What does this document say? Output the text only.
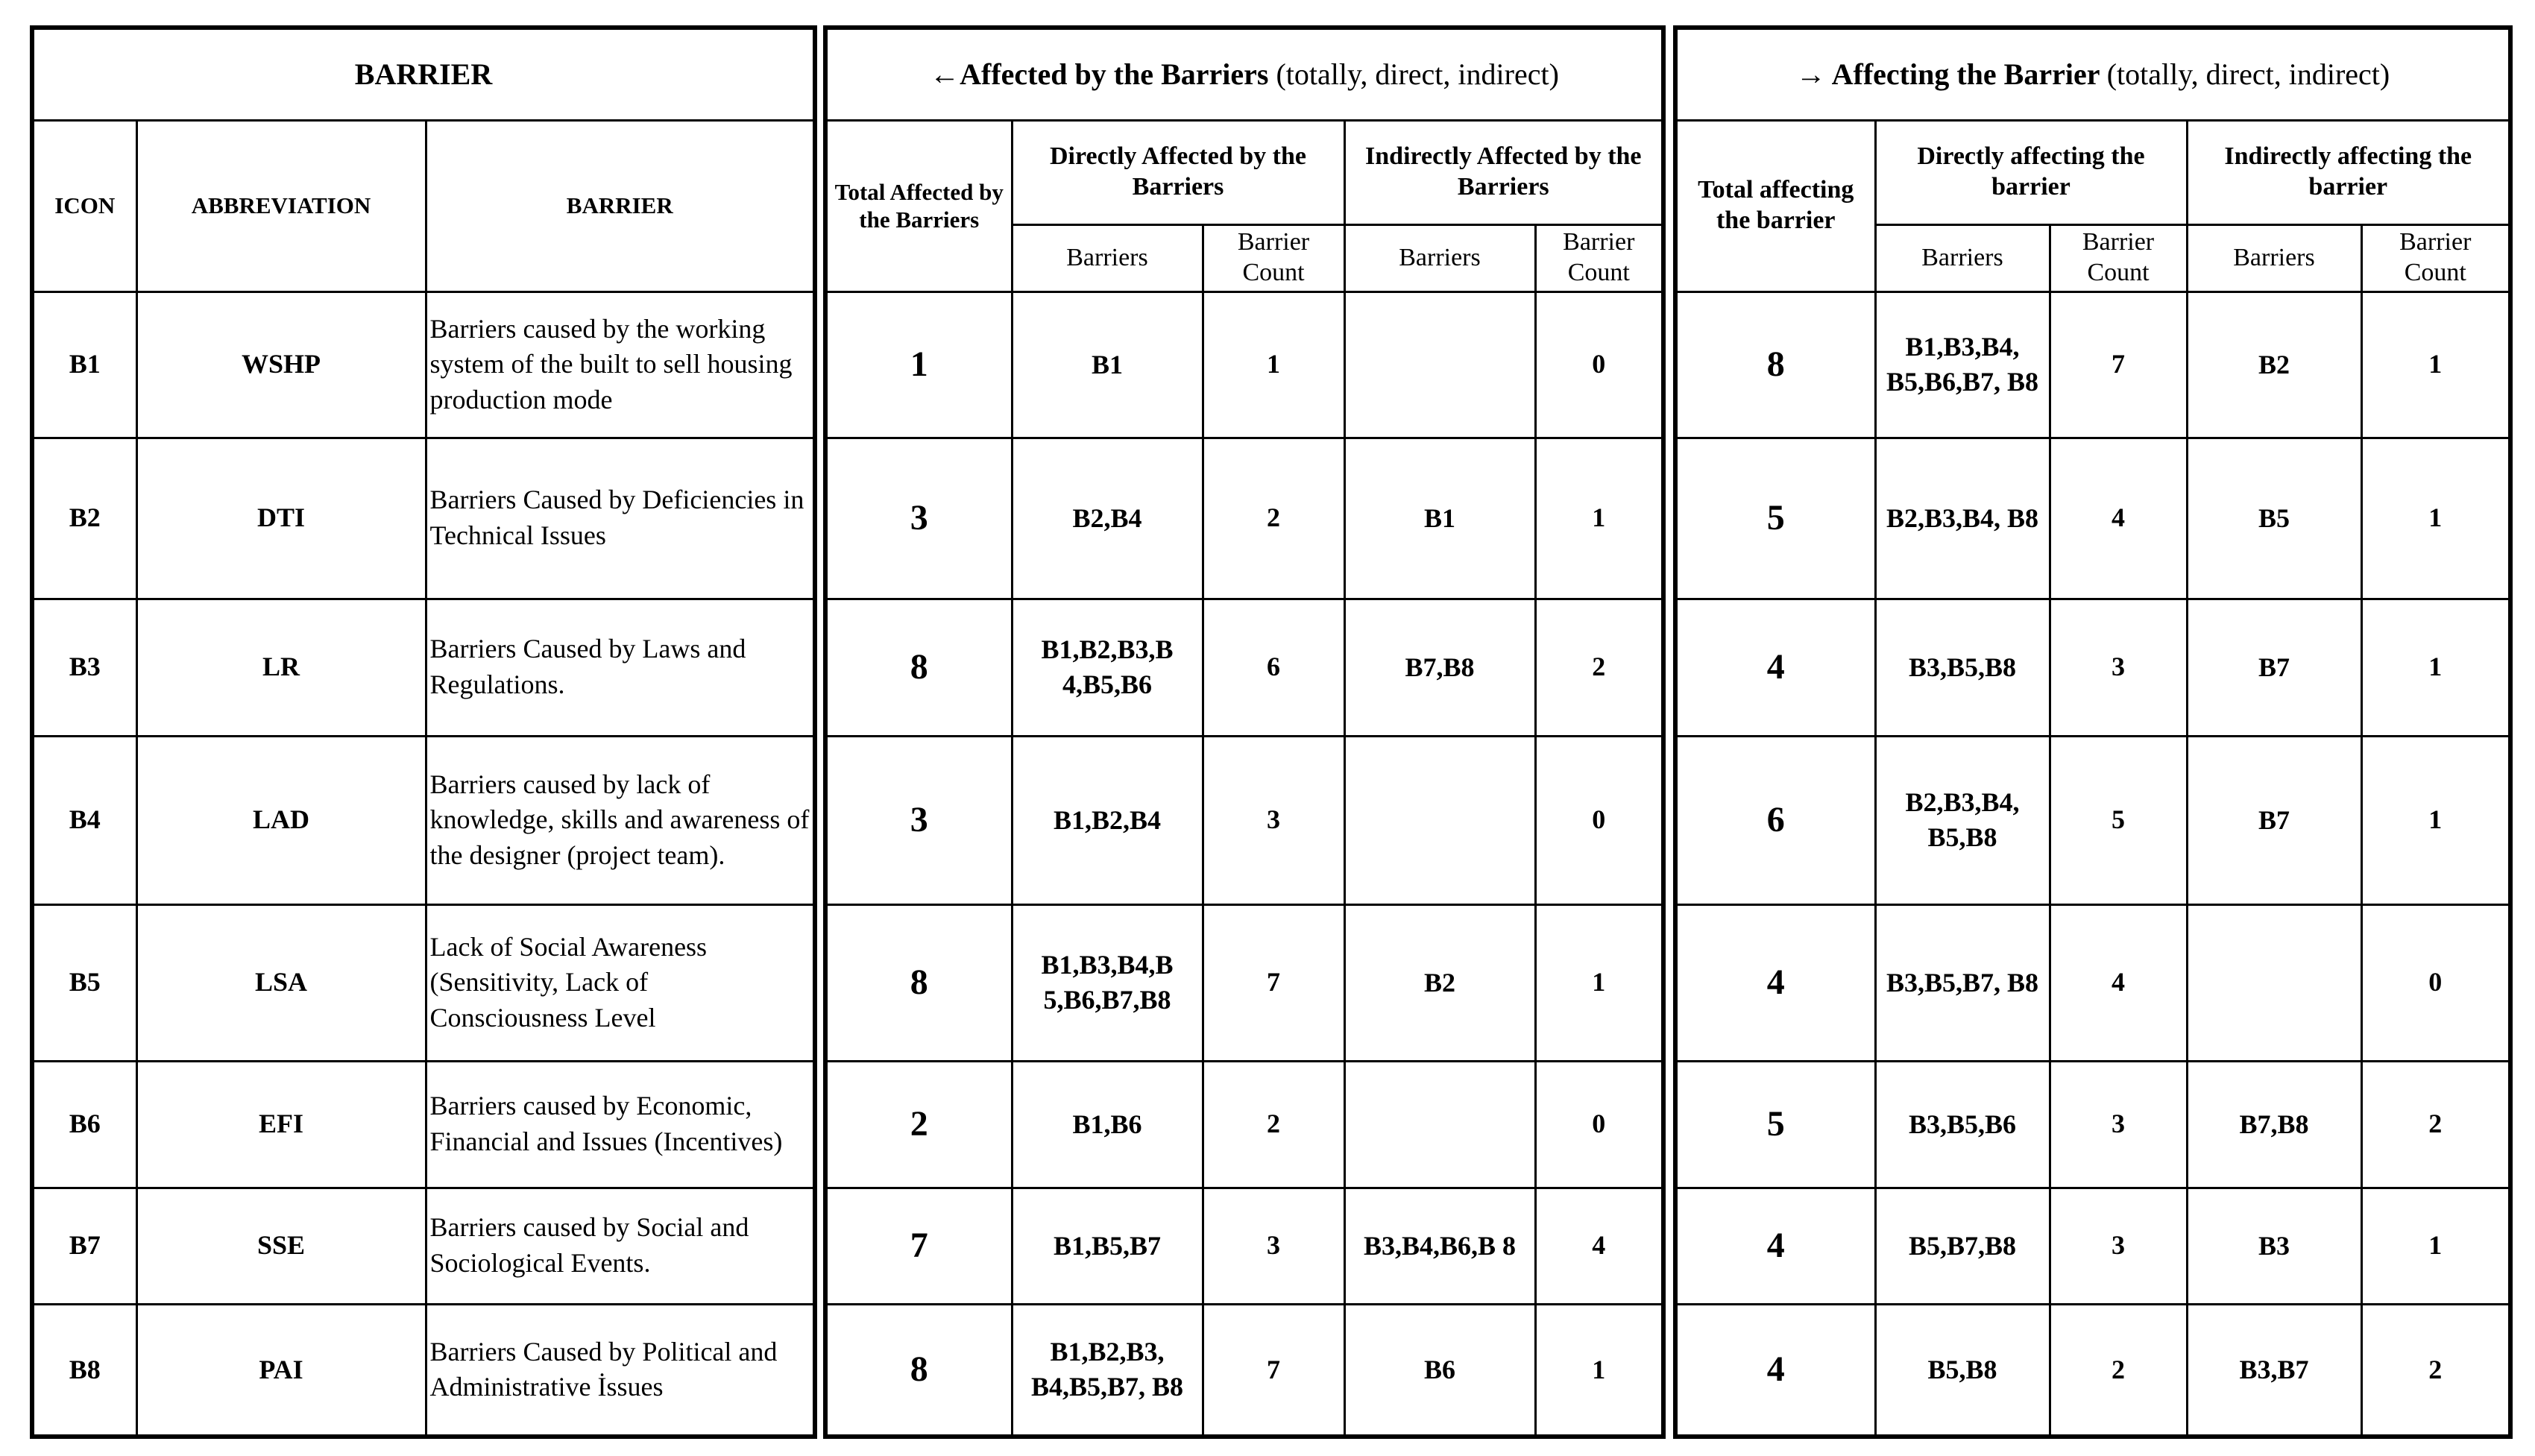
BARRIER		
ICON	ABBREVIATION	BARRIER

B1	WSHP	Barriers caused by the working system of the built to sell housing production mode
B2	DTI	Barriers Caused by Deficiencies in Technical Issues
B3	LR	Barriers Caused by Laws and Regulations.
B4	LAD	Barriers caused by lack of knowledge, skills and awareness of the designer (project team).
B5	LSA	Lack of Social Awareness (Sensitivity, Lack of Consciousness Level
B6	EFI	Barriers caused by Economic, Financial and Issues (Incentives)
B7	SSE	Barriers caused by Social and Sociological Events.
B8	PAI	Barriers Caused by Political and Administrative İssues
←Affected by the Barriers (totally, direct, indirect)				
Total Affected by the Barriers	Directly Affected by the Barriers		Indirectly Affected by the Barriers	
	Barriers	Barrier Count	Barriers	Barrier Count
1	B1	1		0
3	B2,B4	2	B1	1
8	B1,B2,B3,B 4,B5,B6	6	B7,B8	2
3	B1,B2,B4	3		0
8	B1,B3,B4,B 5,B6,B7,B8	7	B2	1
2	B1,B6	2		0
7	B1,B5,B7	3	B3,B4,B6,B 8	4
8	B1,B2,B3, B4,B5,B7, B8	7	B6	1
→ Affecting the Barrier (totally, direct, indirect)				
Total affecting the barrier	Directly affecting the barrier		Indirectly affecting the barrier	
	Barriers	Barrier Count	Barriers	Barrier Count
8	B1,B3,B4, B5,B6,B7, B8	7	B2	1
5	B2,B3,B4, B8	4	B5	1
4	B3,B5,B8	3	B7	1
6	B2,B3,B4, B5,B8	5	B7	1
4	B3,B5,B7, B8	4		0
5	B3,B5,B6	3	B7,B8	2
4	B5,B7,B8	3	B3	1
4	B5,B8	2	B3,B7	2
